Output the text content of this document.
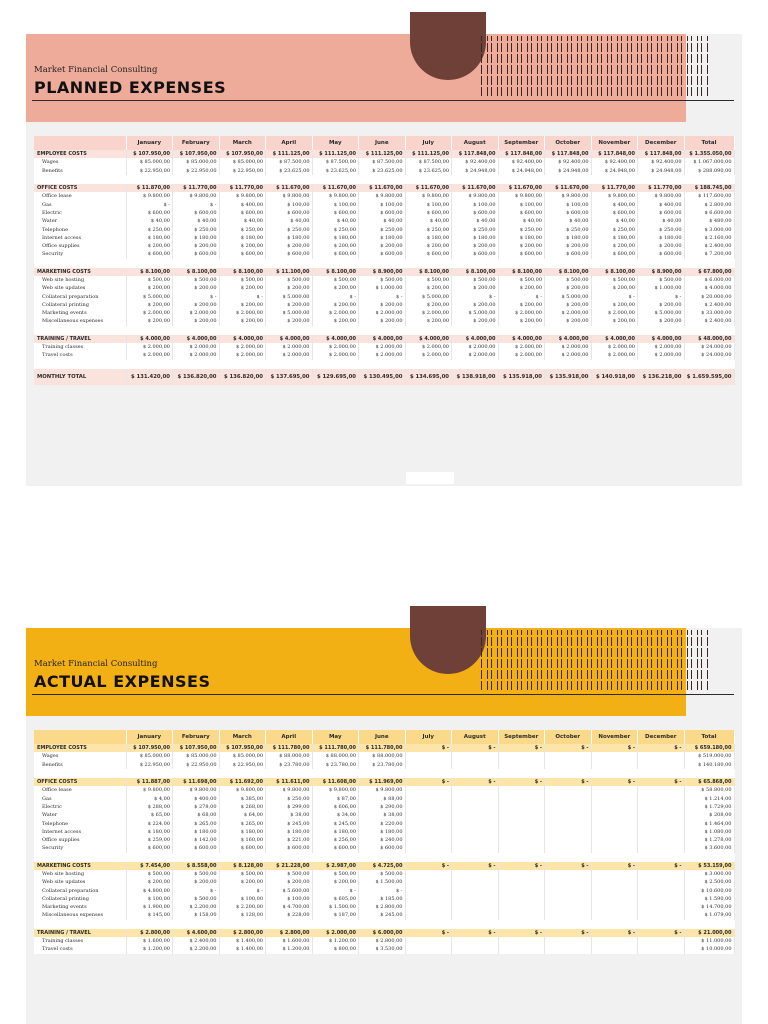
Market Financial Consulting
PLANNED EXPENSES
	January	February	March	April	May	June	July	August	September	October	November	December	Total
EMPLOYEE COSTS	$ 107.950,00	$ 107.950,00	$ 107.950,00	$ 111.125,00	$ 111.125,00	$ 111.125,00	$ 111.125,00	$ 117.848,00	$ 117.848,00	$ 117.848,00	$ 117.848,00	$ 117.848,00	$ 1.355.050,00
Wages	$ 85.000,00	$ 85.000,00	$ 85.000,00	$ 87.500,00	$ 87.500,00	$ 87.500,00	$ 87.500,00	$ 92.400,00	$ 92.400,00	$ 92.400,00	$ 92.400,00	$ 92.400,00	$ 1.067.000,00
Benefits	$ 22.950,00	$ 22.950,00	$ 22.950,00	$ 23.625,00	$ 23.625,00	$ 23.625,00	$ 23.625,00	$ 24.948,00	$ 24.948,00	$ 24.948,00	$ 24.948,00	$ 24.948,00	$ 288.090,00

OFFICE COSTS	$ 11.870,00	$ 11.770,00	$ 11.770,00	$ 11.670,00	$ 11.670,00	$ 11.670,00	$ 11.670,00	$ 11.670,00	$ 11.670,00	$ 11.670,00	$ 11.770,00	$ 11.770,00	$ 188.745,00
Office lease	$ 9.800,00	$ 9.800,00	$ 9.800,00	$ 9.800,00	$ 9.800,00	$ 9.800,00	$ 9.800,00	$ 9.800,00	$ 9.800,00	$ 9.800,00	$ 9.800,00	$ 9.800,00	$ 117.600,00
Gas	$ -	$ -	$ 400,00	$ 100,00	$ 100,00	$ 100,00	$ 100,00	$ 100,00	$ 100,00	$ 100,00	$ 400,00	$ 400,00	$ 2.800,00
Electric	$ 600,00	$ 600,00	$ 600,00	$ 600,00	$ 600,00	$ 600,00	$ 600,00	$ 600,00	$ 600,00	$ 600,00	$ 600,00	$ 600,00	$ 6.600,00
Water	$ 40,00	$ 40,00	$ 40,00	$ 40,00	$ 40,00	$ 40,00	$ 40,00	$ 40,00	$ 40,00	$ 40,00	$ 40,00	$ 40,00	$ 480,00
Telephone	$ 250,00	$ 250,00	$ 250,00	$ 250,00	$ 250,00	$ 250,00	$ 250,00	$ 250,00	$ 250,00	$ 250,00	$ 250,00	$ 250,00	$ 3.000,00
Internet access	$ 180,00	$ 180,00	$ 180,00	$ 180,00	$ 180,00	$ 180,00	$ 180,00	$ 180,00	$ 180,00	$ 180,00	$ 180,00	$ 180,00	$ 2.160,00
Office supplies	$ 200,00	$ 200,00	$ 200,00	$ 200,00	$ 200,00	$ 200,00	$ 200,00	$ 200,00	$ 200,00	$ 200,00	$ 200,00	$ 200,00	$ 2.400,00
Security	$ 600,00	$ 600,00	$ 600,00	$ 600,00	$ 600,00	$ 600,00	$ 600,00	$ 600,00	$ 600,00	$ 600,00	$ 600,00	$ 600,00	$ 7.200,00

MARKETING COSTS	$ 8.100,00	$ 8.100,00	$ 8.100,00	$ 11.100,00	$ 8.100,00	$ 8.900,00	$ 8.100,00	$ 8.100,00	$ 8.100,00	$ 8.100,00	$ 8.100,00	$ 8.900,00	$ 67.800,00
Web site hosting	$ 500,00	$ 500,00	$ 500,00	$ 500,00	$ 500,00	$ 500,00	$ 500,00	$ 500,00	$ 500,00	$ 500,00	$ 500,00	$ 500,00	$ 6.000,00
Web site updates	$ 200,00	$ 200,00	$ 200,00	$ 200,00	$ 200,00	$ 1.000,00	$ 200,00	$ 200,00	$ 200,00	$ 200,00	$ 200,00	$ 1.000,00	$ 4.000,00
Collateral preparation	$ 5.000,00	$ -	$ -	$ 5.000,00	$ -	$ -	$ 5.000,00	$ -	$ -	$ 5.000,00	$ -	$ -	$ 20.000,00
Collateral printing	$ 200,00	$ 200,00	$ 200,00	$ 200,00	$ 200,00	$ 200,00	$ 200,00	$ 200,00	$ 200,00	$ 200,00	$ 200,00	$ 200,00	$ 2.400,00
Marketing events	$ 2.000,00	$ 2.000,00	$ 2.000,00	$ 5.000,00	$ 2.000,00	$ 2.000,00	$ 2.000,00	$ 5.000,00	$ 2.000,00	$ 2.000,00	$ 2.000,00	$ 5.000,00	$ 33.000,00
Miscellaneous expenses	$ 200,00	$ 200,00	$ 200,00	$ 200,00	$ 200,00	$ 200,00	$ 200,00	$ 200,00	$ 200,00	$ 200,00	$ 200,00	$ 200,00	$ 2.400,00

TRAINING / TRAVEL	$ 4.000,00	$ 4.000,00	$ 4.000,00	$ 4.000,00	$ 4.000,00	$ 4.000,00	$ 4.000,00	$ 4.000,00	$ 4.000,00	$ 4.000,00	$ 4.000,00	$ 4.000,00	$ 48.000,00
Training classes	$ 2.000,00	$ 2.000,00	$ 2.000,00	$ 2.000,00	$ 2.000,00	$ 2.000,00	$ 2.000,00	$ 2.000,00	$ 2.000,00	$ 2.000,00	$ 2.000,00	$ 2.000,00	$ 24.000,00
Travel costs	$ 2.000,00	$ 2.000,00	$ 2.000,00	$ 2.000,00	$ 2.000,00	$ 2.000,00	$ 2.000,00	$ 2.000,00	$ 2.000,00	$ 2.000,00	$ 2.000,00	$ 2.000,00	$ 24.000,00

MONTHLY TOTAL	$ 131.420,00	$ 136.820,00	$ 136.820,00	$ 137.695,00	$ 129.695,00	$ 130.495,00	$ 134.695,00	$ 138.918,00	$ 135.918,00	$ 135.918,00	$ 140.918,00	$ 136.218,00	$ 1.659.595,00
Market Financial Consulting
ACTUAL EXPENSES
	January	February	March	April	May	June	July	August	September	October	November	December	Total
EMPLOYEE COSTS	$ 107.950,00	$ 107.950,00	$ 107.950,00	$ 111.780,00	$ 111.780,00	$ 111.780,00	$ -	$ -	$ -	$ -	$ -	$ -	$ 659.180,00
Wages	$ 85.000,00	$ 85.000,00	$ 85.000,00	$ 88.000,00	$ 88.000,00	$ 88.000,00							$ 519.000,00
Benefits	$ 22.950,00	$ 22.950,00	$ 22.950,00	$ 23.780,00	$ 23.780,00	$ 23.780,00							$ 140.180,00

OFFICE COSTS	$ 11.887,00	$ 11.698,00	$ 11.692,00	$ 11.611,00	$ 11.608,00	$ 11.969,00	$ -	$ -	$ -	$ -	$ -	$ -	$ 65.868,00
Office lease	$ 9.800,00	$ 9.800,00	$ 9.800,00	$ 9.800,00	$ 9.800,00	$ 9.800,00							$ 58.800,00
Gas	$ 4,00	$ 400,00	$ 385,00	$ 250,00	$ 87,00	$ 88,00							$ 1.214,00
Electric	$ 288,00	$ 278,00	$ 268,00	$ 299,00	$ 606,00	$ 290,00							$ 1.729,00
Water	$ 65,00	$ 68,00	$ 64,00	$ 38,00	$ 34,00	$ 38,00							$ 208,00
Telephone	$ 224,00	$ 265,00	$ 265,00	$ 245,00	$ 245,00	$ 220,00							$ 1.464,00
Internet access	$ 180,00	$ 180,00	$ 180,00	$ 180,00	$ 180,00	$ 180,00							$ 1.080,00
Office supplies	$ 259,00	$ 142,00	$ 160,00	$ 221,00	$ 256,00	$ 240,00							$ 1.278,00
Security	$ 600,00	$ 600,00	$ 600,00	$ 600,00	$ 600,00	$ 600,00							$ 3.600,00

MARKETING COSTS	$ 7.454,00	$ 8.558,00	$ 8.128,00	$ 21.228,00	$ 2.987,00	$ 4.725,00	$ -	$ -	$ -	$ -	$ -	$ -	$ 53.159,00
Web site hosting	$ 500,00	$ 500,00	$ 500,00	$ 500,00	$ 500,00	$ 500,00							$ 3.000,00
Web site updates	$ 200,00	$ 200,00	$ 200,00	$ 200,00	$ 200,00	$ 1.500,00							$ 2.500,00
Collateral preparation	$ 4.800,00	$ -	$ -	$ 5.600,00	$ -	$ -							$ 10.600,00
Collateral printing	$ 100,00	$ 500,00	$ 100,00	$ 100,00	$ 605,00	$ 185,00							$ 1.590,00
Marketing events	$ 1.900,00	$ 2.200,00	$ 2.200,00	$ 4.700,00	$ 1.500,00	$ 2.800,00							$ 14.700,00
Miscellaneous expenses	$ 145,00	$ 158,00	$ 128,00	$ 228,00	$ 187,00	$ 245,00							$ 1.079,00

TRAINING / TRAVEL	$ 2.800,00	$ 4.600,00	$ 2.800,00	$ 2.800,00	$ 2.000,00	$ 6.000,00	$ -	$ -	$ -	$ -	$ -	$ -	$ 21.000,00
Training classes	$ 1.600,00	$ 2.400,00	$ 1.400,00	$ 1.600,00	$ 1.200,00	$ 2.800,00							$ 11.000,00
Travel costs	$ 1.200,00	$ 2.200,00	$ 1.400,00	$ 1.200,00	$ 800,00	$ 3.530,00							$ 10.000,00
